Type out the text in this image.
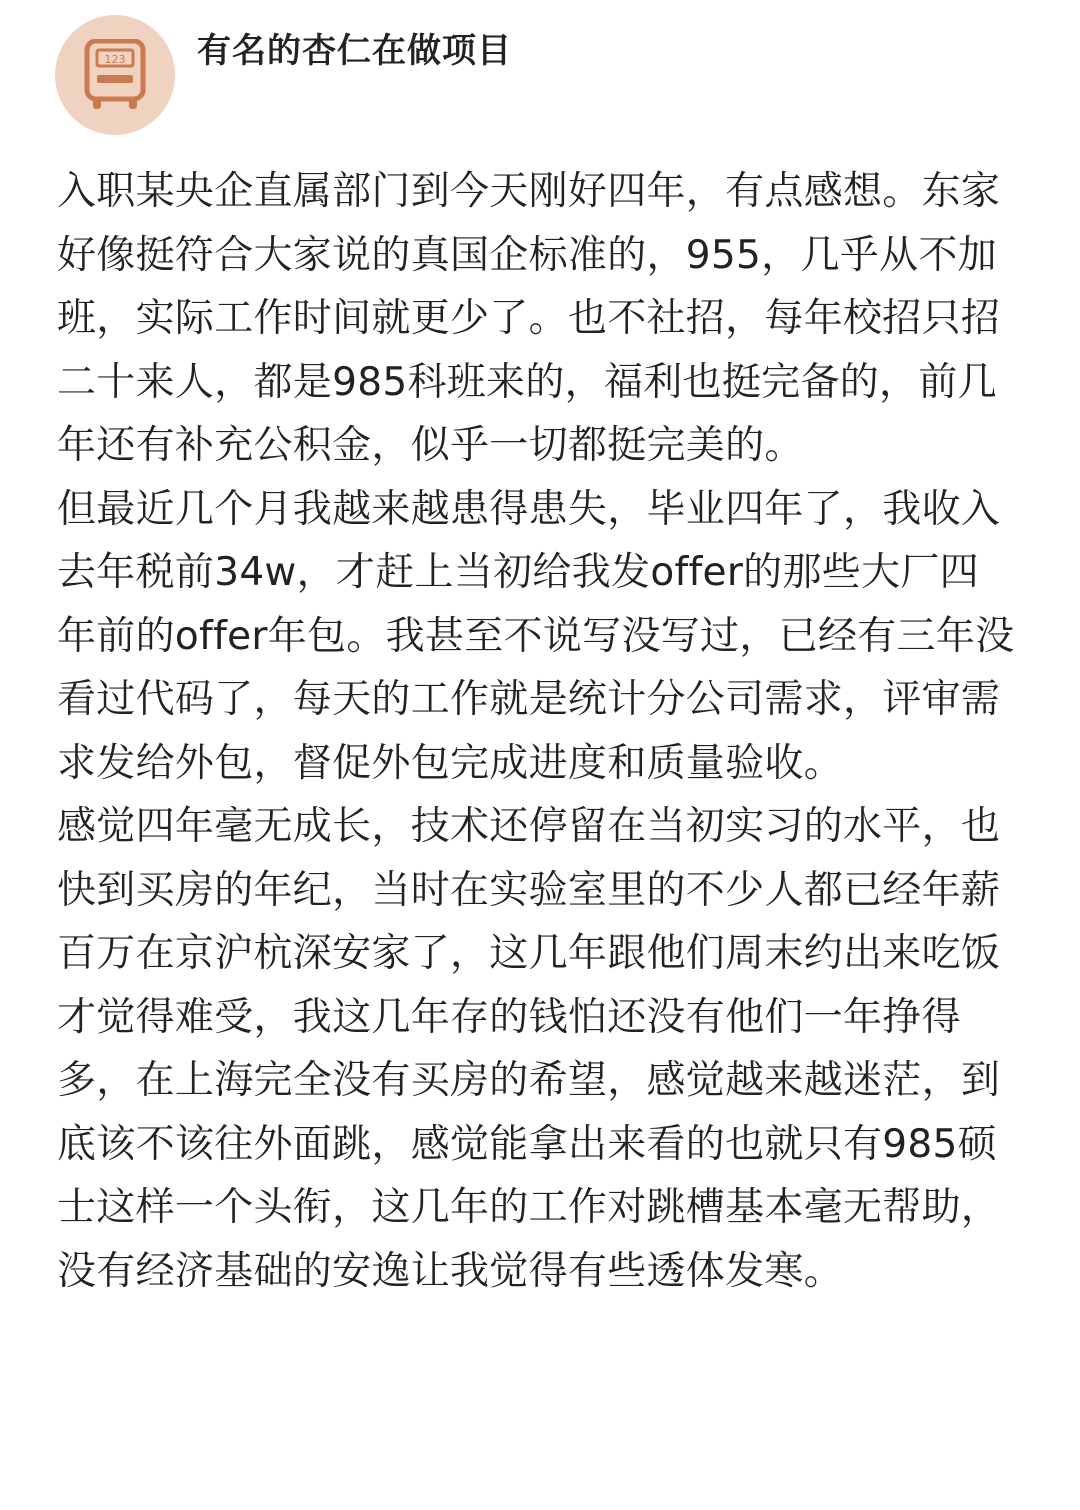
123 有名的杏仁在做项目

入职某央企直属部门到今天刚好四年，有点感想。东家好像挺符合大家说的真国企标准的，955，几乎从不加班，实际工作时间就更少了。也不社招，每年校招只招二十来人，都是985科班来的，福利也挺完备的，前几年还有补充公积金，似乎一切都挺完美的。

但最近几个月我越来越患得患失，毕业四年了，我收入去年税前34w，才赶上当初给我发offer的那些大厂四年前的offer年包。我甚至不说写没写过，已经有三年没看过代码了，每天的工作就是统计分公司需求，评审需求发给外包，督促外包完成进度和质量验收。

感觉四年毫无成长，技术还停留在当初实习的水平，也快到买房的年纪，当时在实验室里的不少人都已经年薪百万在京沪杭深安家了，这几年跟他们周末约出来吃饭才觉得难受，我这几年存的钱怕还没有他们一年挣得多，在上海完全没有买房的希望，感觉越来越迷茫，到底该不该往外面跳，感觉能拿出来看的也就只有985硕士这样一个头衔，这几年的工作对跳槽基本毫无帮助，没有经济基础的安逸让我觉得有些透体发寒。
